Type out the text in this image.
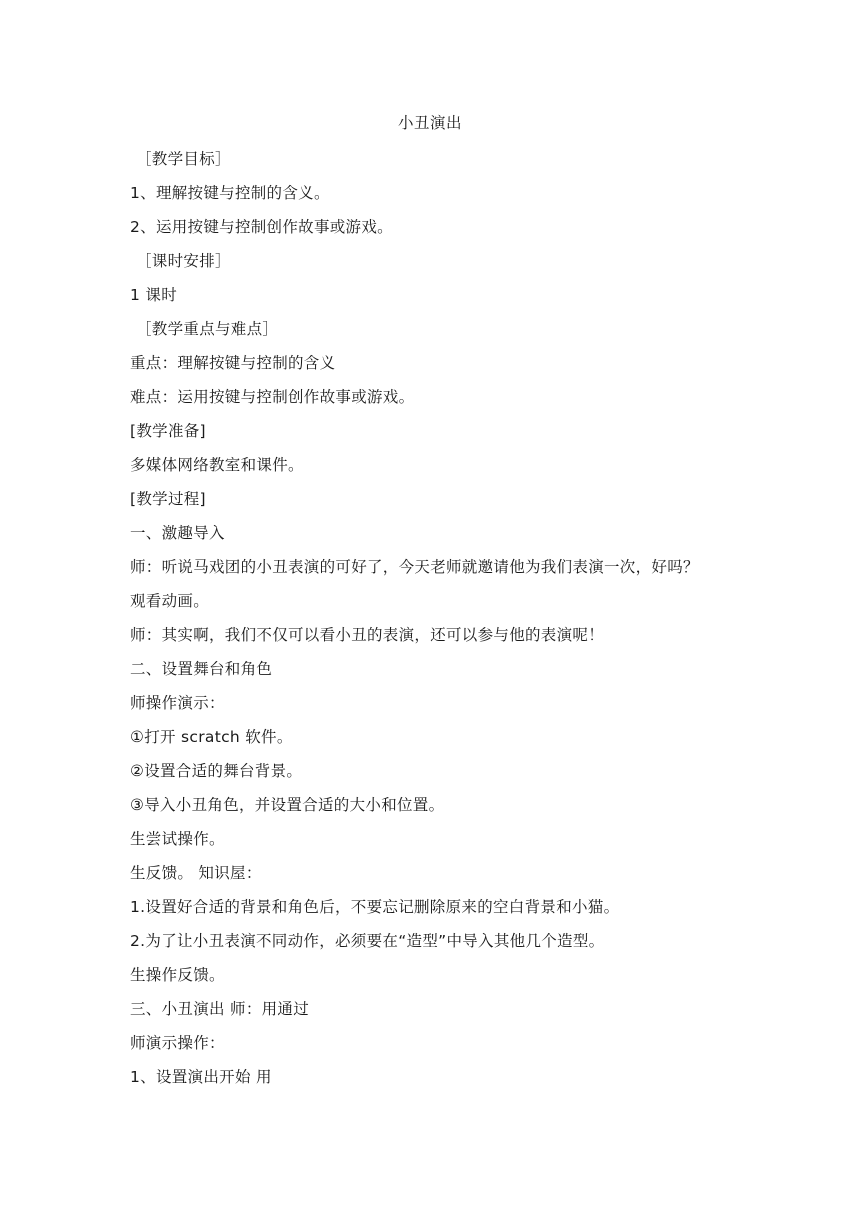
小丑演出
［教学目标］
1、理解按键与控制的含义。
2、运用按键与控制创作故事或游戏。
［课时安排］
1 课时
［教学重点与难点］
重点：理解按键与控制的含义
难点：运用按键与控制创作故事或游戏。
[教学准备]
多媒体网络教室和课件。
[教学过程]
一、激趣导入
师：听说马戏团的小丑表演的可好了，今天老师就邀请他为我们表演一次，好吗？
观看动画。
师：其实啊，我们不仅可以看小丑的表演，还可以参与他的表演呢！
二、设置舞台和角色
师操作演示：
①打开 scratch 软件。
②设置合适的舞台背景。
③导入小丑角色，并设置合适的大小和位置。
生尝试操作。
生反馈。 知识屋：
1.设置好合适的背景和角色后，不要忘记删除原来的空白背景和小猫。
2.为了让小丑表演不同动作，必须要在“造型”中导入其他几个造型。
生操作反馈。
三、小丑演出 师：用通过
师演示操作：
1、设置演出开始 用
